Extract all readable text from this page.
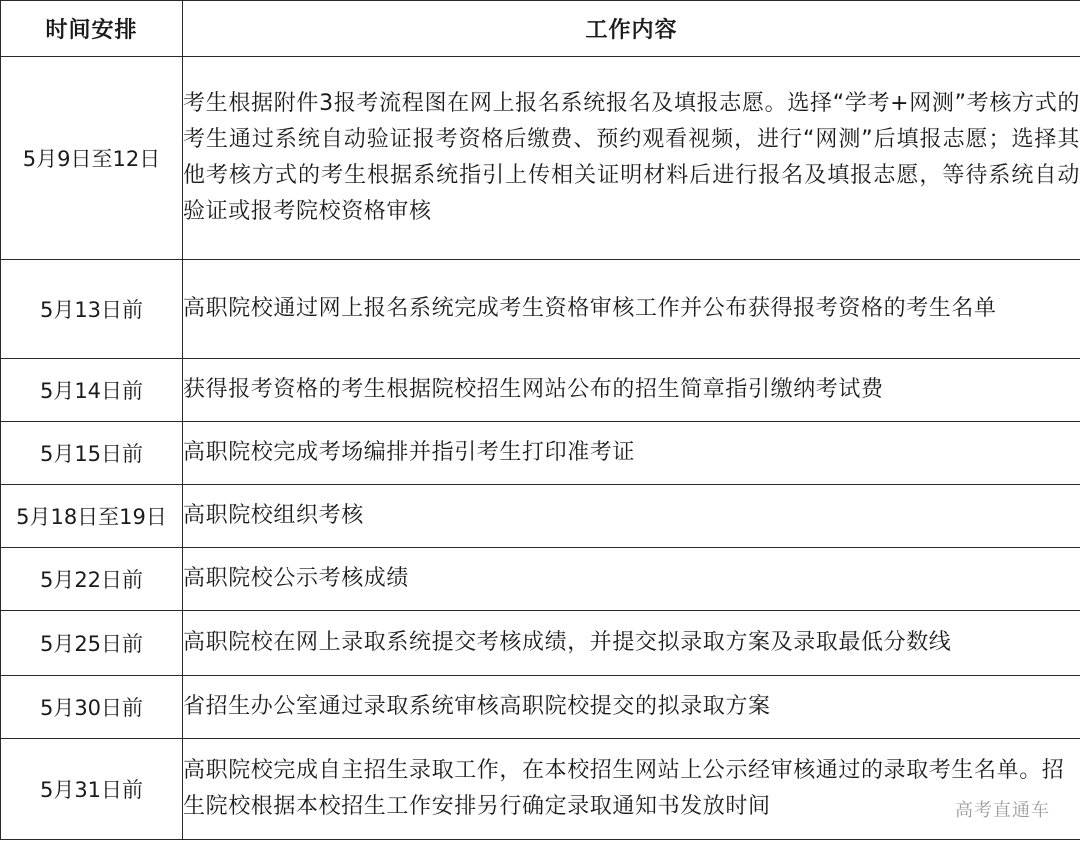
时间安排	工作内容
5月9日至12日	考生根据附件3报考流程图在网上报名系统报名及填报志愿。选择“学考+网测”考核方式的考生通过系统自动验证报考资格后缴费、预约观看视频，进行“网测”后填报志愿；选择其他考核方式的考生根据系统指引上传相关证明材料后进行报名及填报志愿，等待系统自动验证或报考院校资格审核
5月13日前	高职院校通过网上报名系统完成考生资格审核工作并公布获得报考资格的考生名单
5月14日前	获得报考资格的考生根据院校招生网站公布的招生简章指引缴纳考试费
5月15日前	高职院校完成考场编排并指引考生打印准考证
5月18日至19日	高职院校组织考核
5月22日前	高职院校公示考核成绩
5月25日前	高职院校在网上录取系统提交考核成绩，并提交拟录取方案及录取最低分数线
5月30日前	省招生办公室通过录取系统审核高职院校提交的拟录取方案
5月31日前	高职院校完成自主招生录取工作，在本校招生网站上公示经审核通过的录取考生名单。招生院校根据本校招生工作安排另行确定录取通知书发放时间	高考直通车
